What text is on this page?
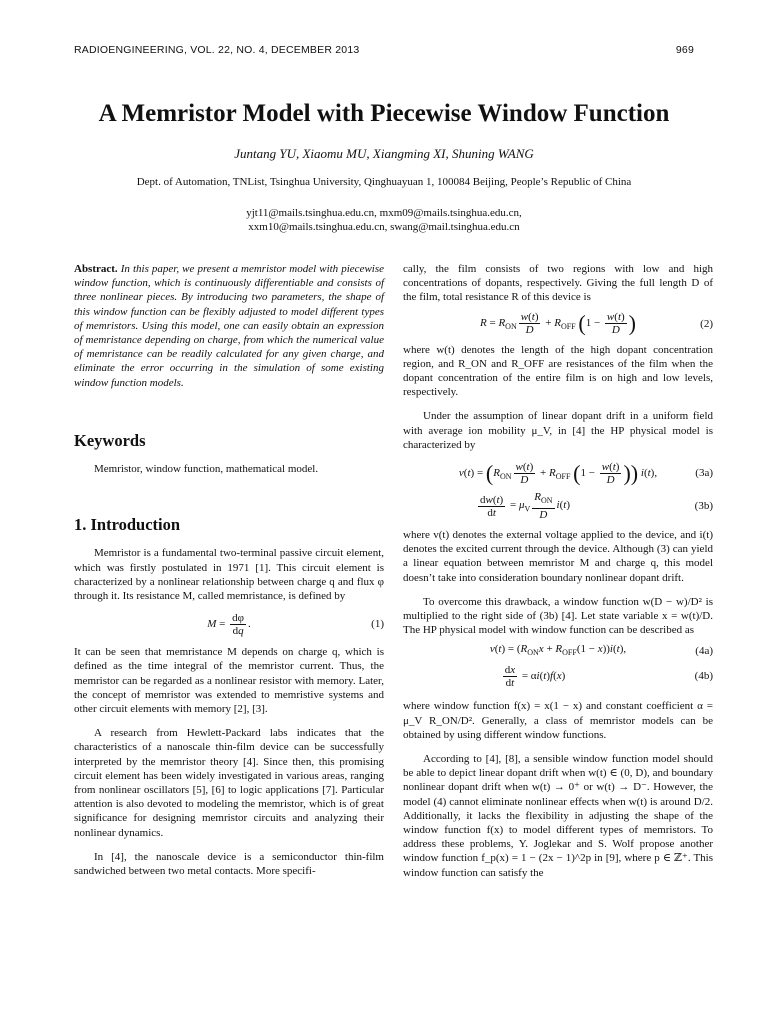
RADIOENGINEERING, VOL. 22, NO. 4, DECEMBER 2013	969
A Memristor Model with Piecewise Window Function
Juntang YU, Xiaomu MU, Xiangming XI, Shuning WANG
Dept. of Automation, TNList, Tsinghua University, Qinghuayuan 1, 100084 Beijing, People’s Republic of China
yjt11@mails.tsinghua.edu.cn, mxm09@mails.tsinghua.edu.cn,
xxm10@mails.tsinghua.edu.cn, swang@mail.tsinghua.edu.cn

Abstract. In this paper, we present a memristor model with piecewise window function, which is continuously differentiable and consists of three nonlinear pieces. By introducing two parameters, the shape of this window function can be flexibly adjusted to model different types of memristors. Using this model, one can easily obtain an expression of memristance depending on charge, from which the numerical value of memristance can be readily calculated for any given charge, and eliminate the error occurring in the simulation of some existing window function models.

Keywords

Memristor, window function, mathematical model.

1. Introduction

Memristor is a fundamental two-terminal passive circuit element, which was firstly postulated in 1971 [1]. This circuit element is characterized by a nonlinear relationship between charge q and flux φ through it. Its resistance M, called memristance, is defined by

$M = \frac{d\varphi}{dq}$ .	(1)

It can be seen that memristance M depends on charge q, which is defined as the time integral of the memristor current. Thus, the memristor can be regarded as a nonlinear resistor with memory. Later, the concept of memristor was extended to memristive systems and other circuit elements with memory [2], [3].

A research from Hewlett-Packard labs indicates that the characteristics of a nanoscale thin-film device can be successfully interpreted by the memristor theory [4]. Since then, this promising circuit element has been widely investigated in various areas, ranging from nonlinear oscillators [5], [6] to logic applications [7]. Particular attention is also devoted to modeling the memristor, which is of great significance for designing memristor circuits and analyzing their nonlinear dynamics.

In [4], the nanoscale device is a semiconductor thin-film sandwiched between two metal contacts. More specifi-

cally, the film consists of two regions with low and high concentrations of dopants, respectively. Giving the full length D of the film, total resistance R of this device is

$R = R_{ON} \frac{w(t)}{D} + R_{OFF}$ ($1 - \frac{w(t)}{D}$ )	(2)

where w(t) denotes the length of the high dopant concentration region, and R_ON and R_OFF are resistances of the film when the dopant concentration of the entire film is on high and low levels, respectively.

Under the assumption of linear dopant drift in a uniform field with average ion mobility μ_V, in [4] the HP physical model is characterized by

$v(t) = (R_{ON} \frac{w(t)}{D} + R_{OFF}$ ($1 - \frac{w(t)}{D}$ )) i(t),	(3a)
$\frac{dw(t)}{dt} = \mu_V \frac{R_{ON}}{D} i(t)$	(3b)

where v(t) denotes the external voltage applied to the device, and i(t) denotes the excited current through the device. Although (3) can yield a linear equation between memristor M and charge q, this model doesn’t take into consideration boundary nonlinear dopant drift.

To overcome this drawback, a window function w(D − w)/D² is multiplied to the right side of (3b) [4]. Let state variable x = w(t)/D. The HP physical model with window function can be described as

$v(t) = (R_{ON}x + R_{OFF}(1 - x))i(t)$,	(4a)
$\frac{dx}{dt} = \alpha i(t)f(x)$	(4b)

where window function f(x) = x(1 − x) and constant coefficient α = μ_V R_ON/D². Generally, a class of memristor models can be obtained by using different window functions.

According to [4], [8], a sensible window function model should be able to depict linear dopant drift when w(t) ∈ (0, D), and boundary nonlinear dopant drift when w(t) → 0⁺ or w(t) → D⁻. However, the model (4) cannot eliminate nonlinear effects when w(t) is around D/2. Additionally, it lacks the flexibility in adjusting the shape of the window function f(x) to model different types of memristors. To address these problems, Y. Joglekar and S. Wolf propose another window function f_p(x) = 1 − (2x − 1)^2p in [9], where p ∈ ℤ⁺. This window function can satisfy the
